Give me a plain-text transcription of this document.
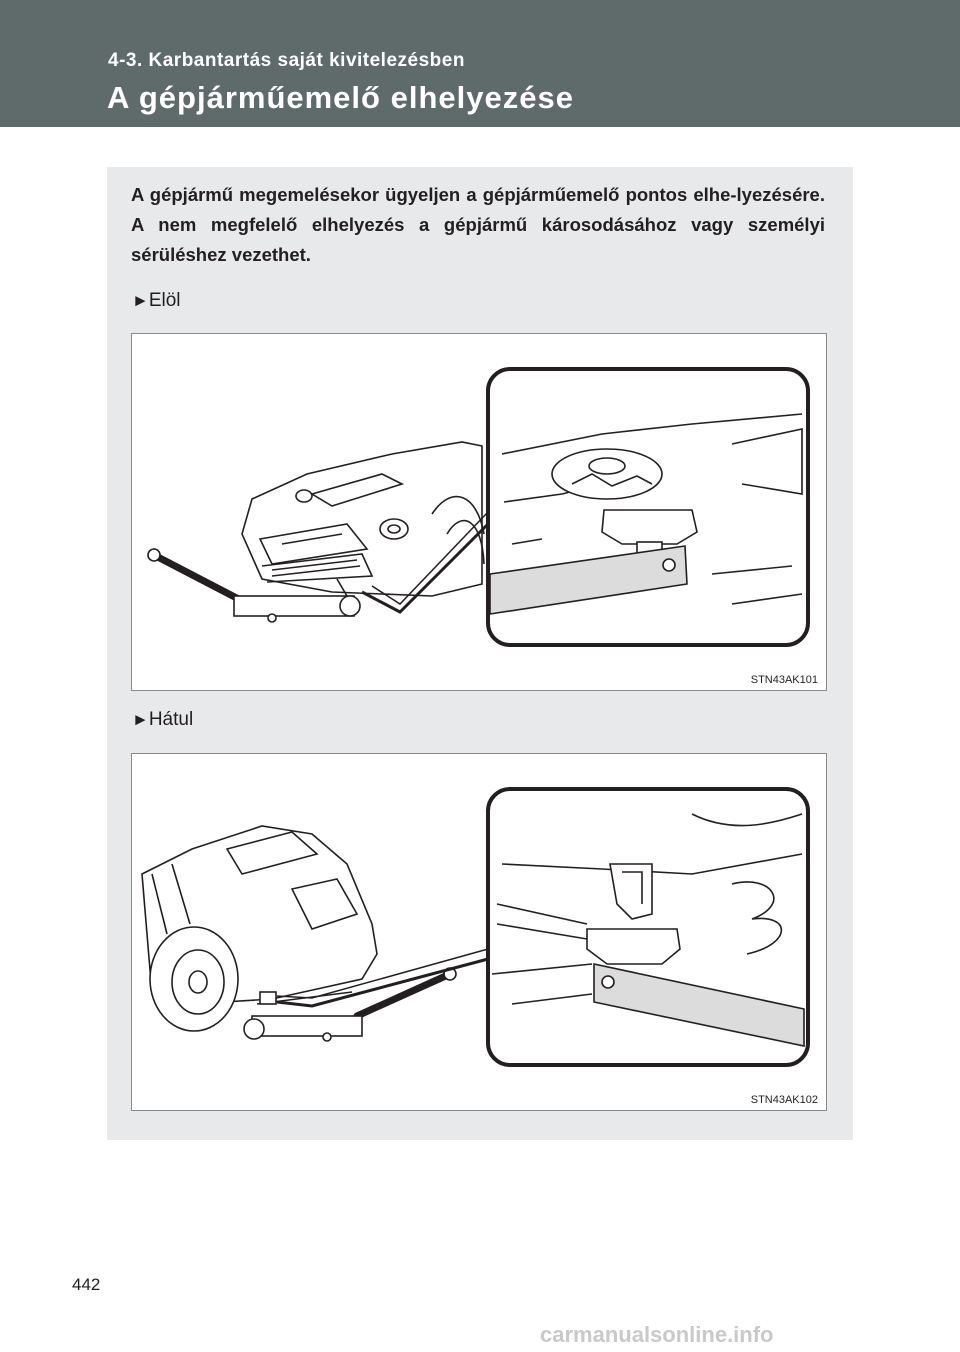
4-3. Karbantartás saját kivitelezésben
A gépjárműemelő elhelyezése
A gépjármű megemelésekor ügyeljen a gépjárműemelő pontos elhe-lyezésére. A nem megfelelő elhelyezés a gépjármű károsodásához vagy személyi sérüléshez vezethet.
►Elöl
STN43AK101
►Hátul
STN43AK102
442
carmanualsonline.info
